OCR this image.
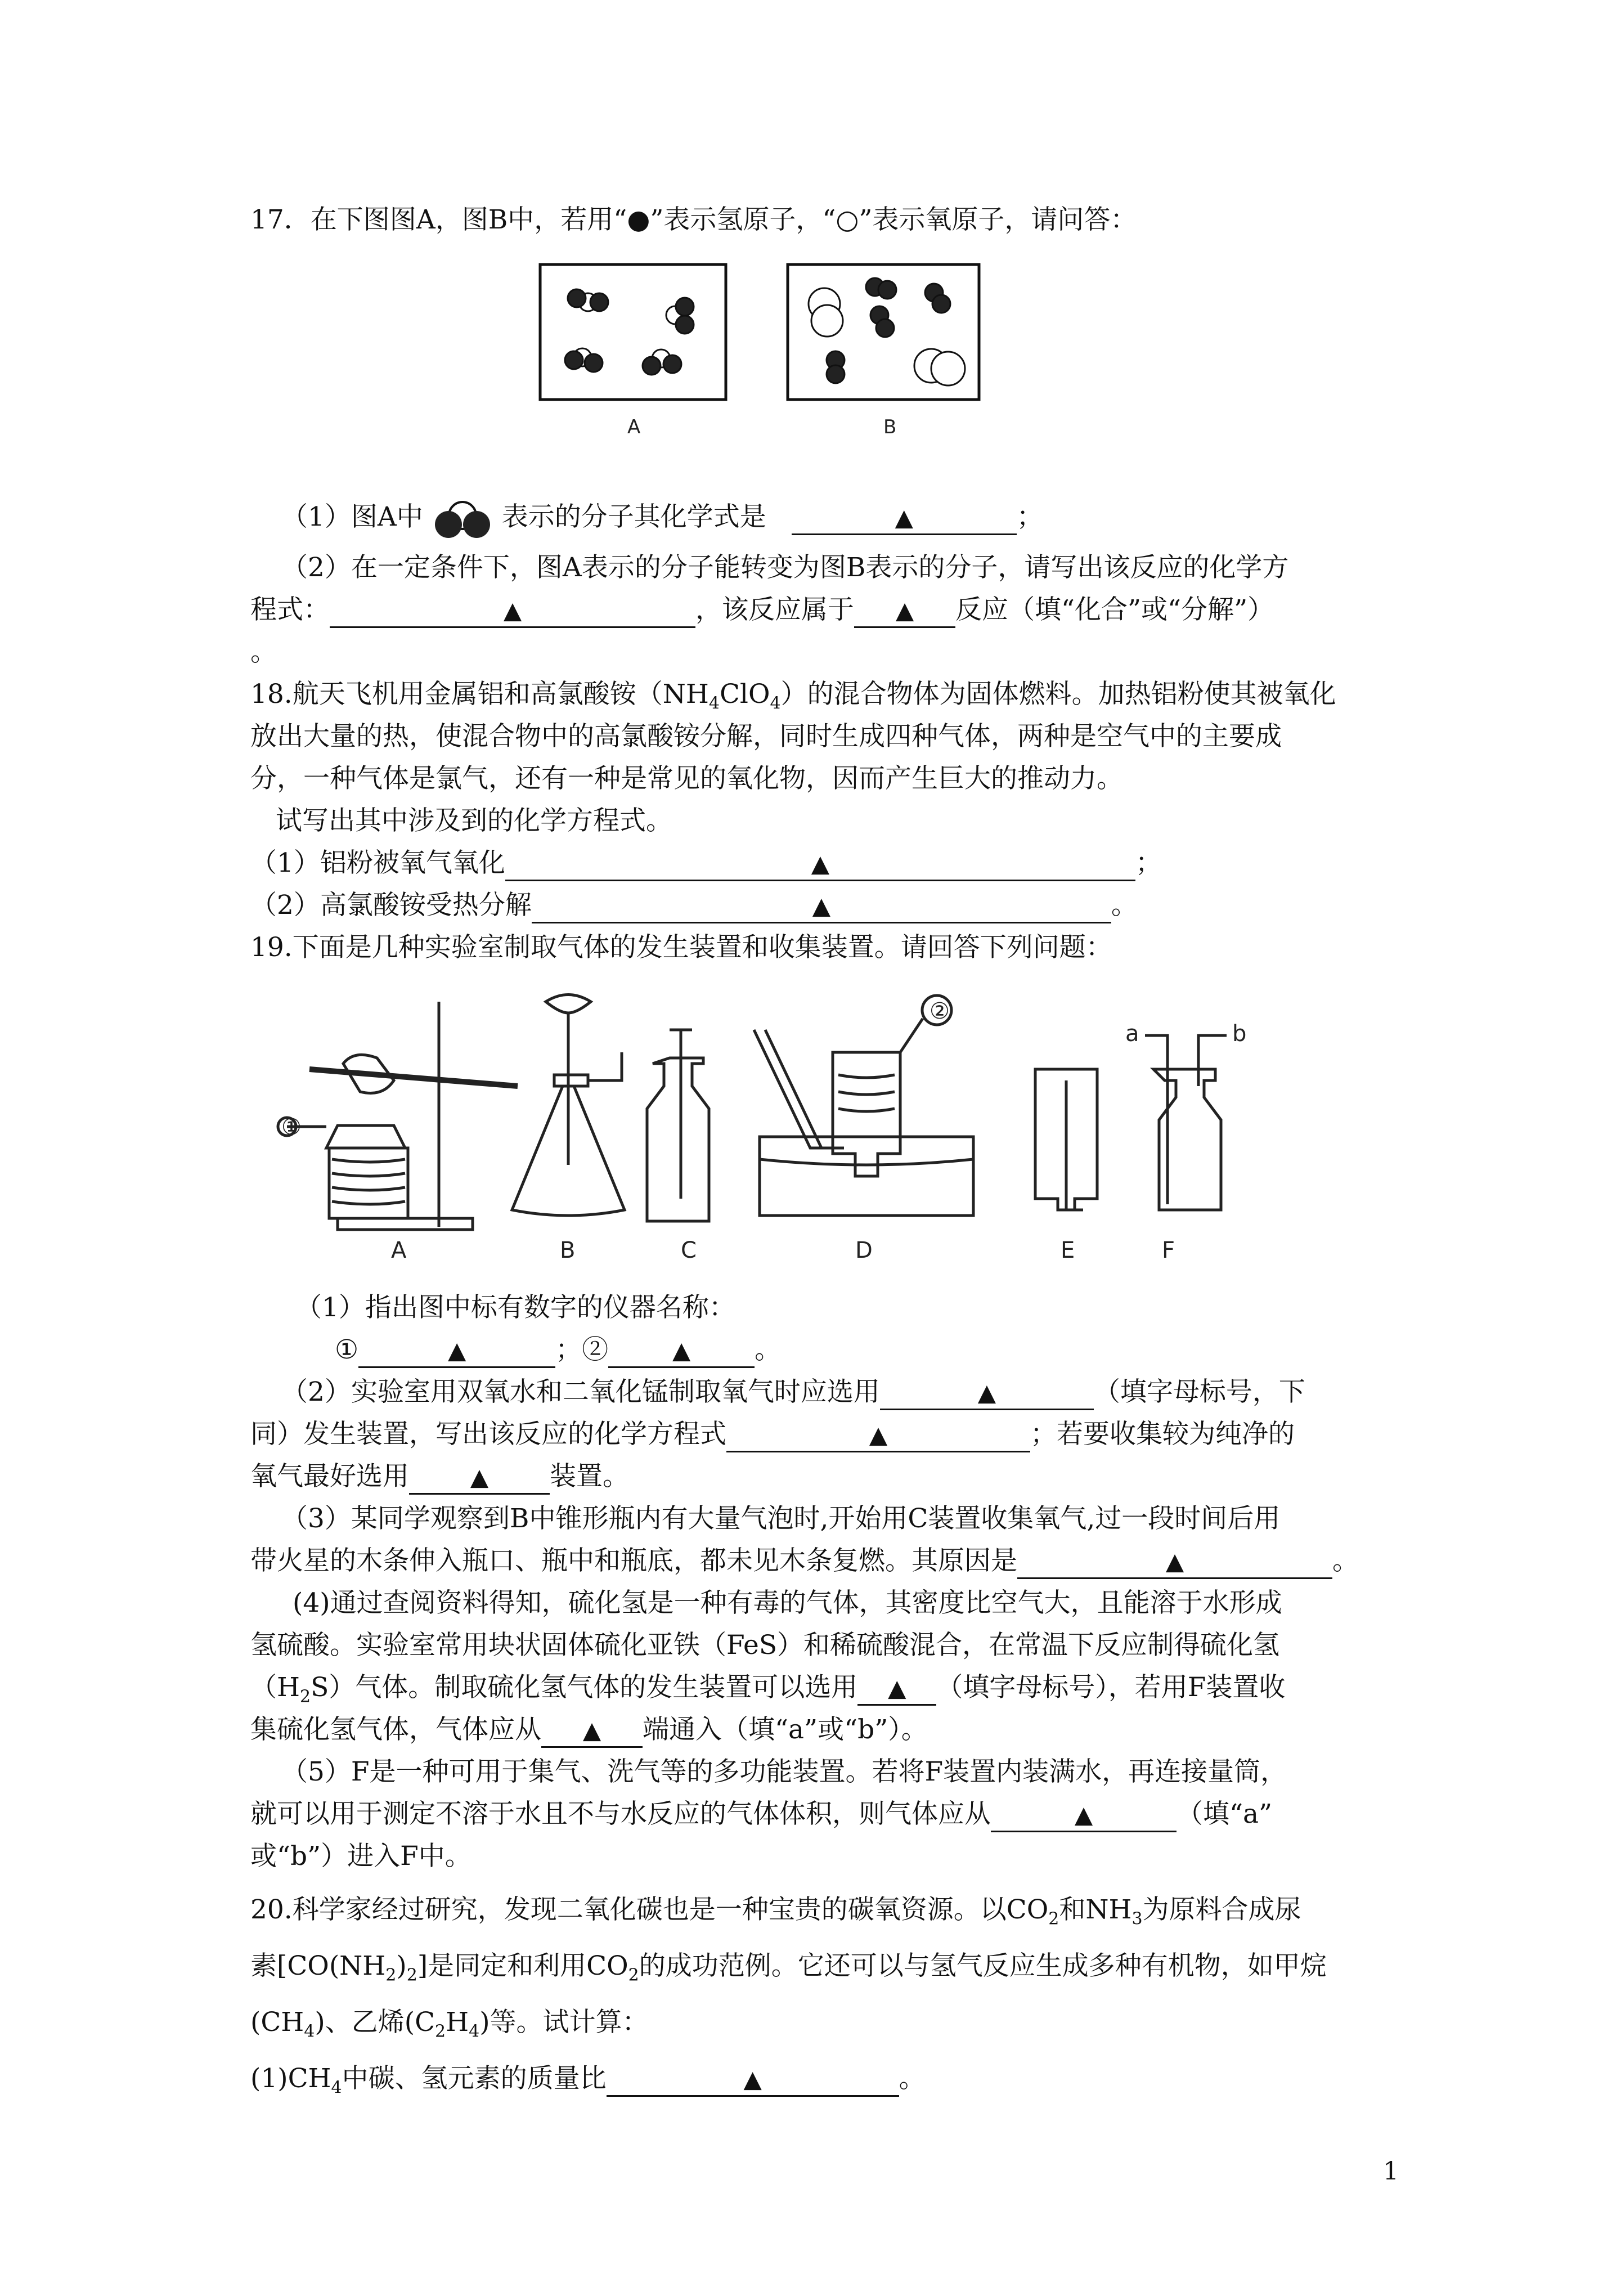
17．在下图图A，图B中，若用“●”表示氢原子，“○”表示氧原子，请问答：
A	B
（1）图A中	表示的分子其化学式是	▲	；
（2）在一定条件下，图A表示的分子能转变为图B表示的分子，请写出该反应的化学方
程式：	▲	，该反应属于 ▲ 反应（填“化合”或“分解”）
。
18.航天飞机用金属铝和高氯酸铵$(NH_4ClO_4)$的混合物体为固体燃料。加热铝粉使其被氧化
放出大量的热，使混合物中的高氯酸铵分解，同时生成四种气体，两种是空气中的主要成
分，一种气体是氯气，还有一种是常见的氧化物，因而产生巨大的推动力。
试写出其中涉及到的化学方程式。
（1）铝粉被氧气氧化	▲	；
（2）高氯酸铵受热分解	▲	。
19.下面是几种实验室制取气体的发生装置和收集装置。请回答下列问题：
①
②
a	b
A	B	C	D	E	F
（1）指出图中标有数字的仪器名称：
①	▲	；②	▲ 。
（2）实验室用双氧水和二氧化锰制取氧气时应选用	▲	（填字母标号，下
同）发生装置，写出该反应的化学方程式	▲	；若要收集较为纯净的
氧气最好选用	▲ 装置。
（3）某同学观察到B中锥形瓶内有大量气泡时,开始用C装置收集氧气,过一段时间后用
带火星的木条伸入瓶口、瓶中和瓶底，都未见木条复燃。其原因是	▲	。
(4)通过查阅资料得知，硫化氢是一种有毒的气体，其密度比空气大，且能溶于水形成
氢硫酸。实验室常用块状固体硫化亚铁（FeS）和稀硫酸混合，在常温下反应制得硫化氢
$(H_2S)$气体。制取硫化氢气体的发生装置可以选用 ▲ （填字母标号），若用F装置收
集硫化氢气体，气体应从 ▲ 端通入（填“a”或“b”）。
（5）F是一种可用于集气、洗气等的多功能装置。若将F装置内装满水，再连接量筒，
就可以用于测定不溶于水且不与水反应的气体体积，则气体应从	▲	（填“a”
或“b”）进入F中。
20.科学家经过研究，发现二氧化碳也是一种宝贵的碳氧资源。以$CO_2$和$NH_3$为原料合成尿
素$[CO(NH_2)_2]$是同定和利用$CO_2$的成功范例。它还可以与氢气反应生成多种有机物，如甲烷
$(CH_4)$、乙烯$(C_2H_4)$等。试计算：
$(1)CH_4$中碳、氢元素的质量比	▲	。
1
